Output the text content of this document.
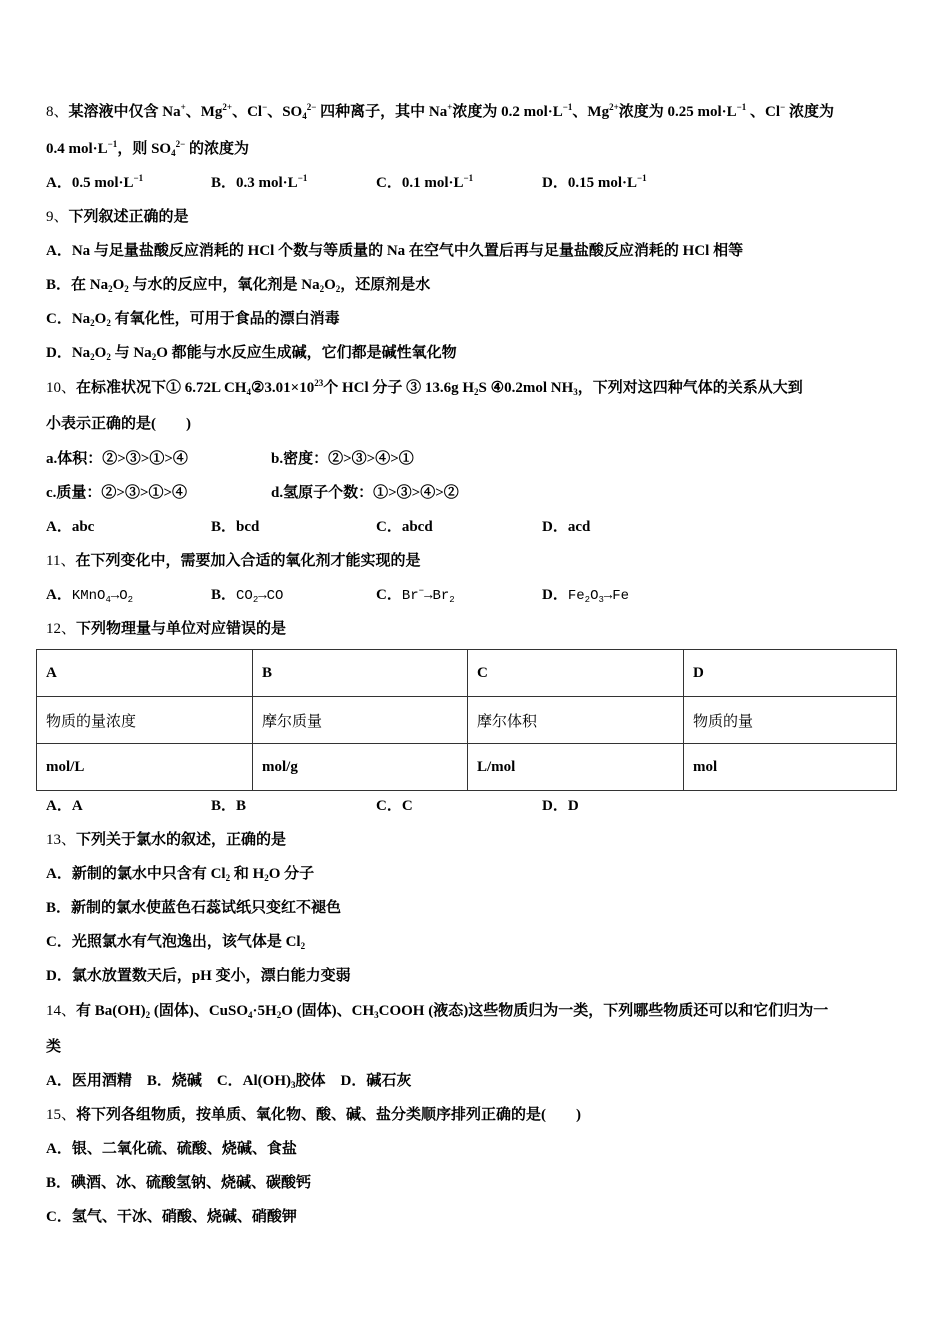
8、某溶液中仅含 Na+、$Mg^{2+}$、Cl−、$SO_4^{2-}$ 四种离子，其中 Na+浓度为 0.2 $mol\cdot L^{-1}$、$Mg^{2+}$浓度为 0.25 $mol\cdot L^{-1}$ 、Cl− 浓度为
0.4 $mol\cdot L^{-1}$，则 $SO_4^{2-}$ 的浓度为
A．0.5 $mol\cdot L^{-1}$	B．0.3 $mol\cdot L^{-1}$	C．0.1 $mol\cdot L^{-1}$	D．0.15 $mol\cdot L^{-1}$
9、下列叙述正确的是
A．Na 与足量盐酸反应消耗的 HCl 个数与等质量的 Na 在空气中久置后再与足量盐酸反应消耗的 HCl 相等
B．在 $Na_2O_2$ 与水的反应中，氧化剂是 $Na_2O_2$，还原剂是水
C．$Na_2O_2$ 有氧化性，可用于食品的漂白消毒
D．$Na_2O_2$ 与 $Na_2O$ 都能与水反应生成碱，它们都是碱性氧化物
10、在标准状况下① 6.72L $CH_4②3.01\times 10^{23}$个 HCl 分子 ③ 13.6g $H_2S$ ④0.2mol $NH_3$，下列对这四种气体的关系从大到
小表示正确的是(　　)
a.体积：②>③>①>④	b.密度：②>③>④>①
c.质量：②>③>①>④	d.氢原子个数：①>③>④>②
A．abc	B．bcd	C．abcd	D．acd
11、在下列变化中，需要加入合适的氧化剂才能实现的是
A．$KMnO_4\to O_2$	B．$CO_2\to CO$	C．$Br^-\to Br_2$	D．$Fe_2O_3\to Fe$
12、下列物理量与单位对应错误的是
A	B	C	D
物质的量浓度	摩尔质量	摩尔体积	物质的量
mol/L	mol/g	L/mol	mol
A．A	B．B	C．C	D．D
13、下列关于氯水的叙述，正确的是
A．新制的氯水中只含有 $Cl_2$ 和 $H_2O$ 分子
B．新制的氯水使蓝色石蕊试纸只变红不褪色
C．光照氯水有气泡逸出，该气体是 $Cl_2$
D．氯水放置数天后，pH 变小，漂白能力变弱
14、有 $Ba(OH)_2$ (固体)、$CuSO_4\cdot 5H_2O$ (固体)、$CH_3COOH$ (液态)这些物质归为一类，下列哪些物质还可以和它们归为一
类
A．医用酒精　B．烧碱　C．$Al(OH)_3$胶体　D．碱石灰
15、将下列各组物质，按单质、氧化物、酸、碱、盐分类顺序排列正确的是(　　)
A．银、二氧化硫、硫酸、烧碱、食盐
B．碘酒、冰、硫酸氢钠、烧碱、碳酸钙
C．氢气、干冰、硝酸、烧碱、硝酸钾
